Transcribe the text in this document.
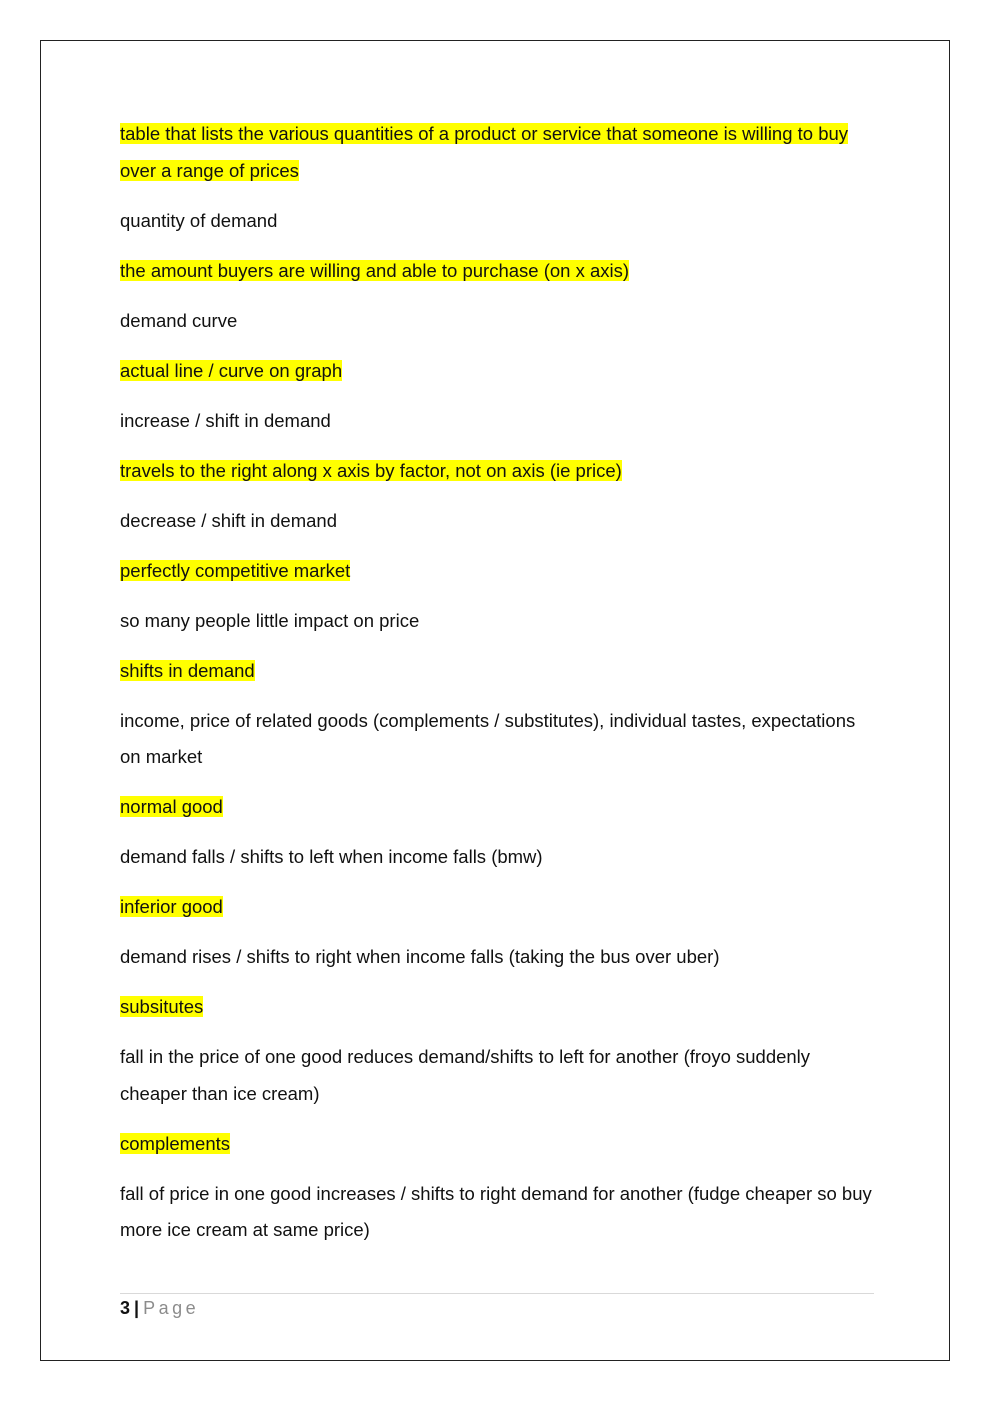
table that lists the various quantities of a product or service that someone is willing to buy over a range of prices

quantity of demand

the amount buyers are willing and able to purchase (on x axis)

demand curve

actual line / curve on graph

increase / shift in demand

travels to the right along x axis by factor, not on axis (ie price)

decrease / shift in demand

perfectly competitive market

so many people little impact on price

shifts in demand

income, price of related goods (complements / substitutes), individual tastes, expectations on market

normal good

demand falls / shifts to left when income falls (bmw)

inferior good

demand rises / shifts to right when income falls (taking the bus over uber)

subsitutes

fall in the price of one good reduces demand/shifts to left for another (froyo suddenly cheaper than ice cream)

complements

fall of price in one good increases / shifts to right demand for another (fudge cheaper so buy more ice cream at same price)

3 | Page
